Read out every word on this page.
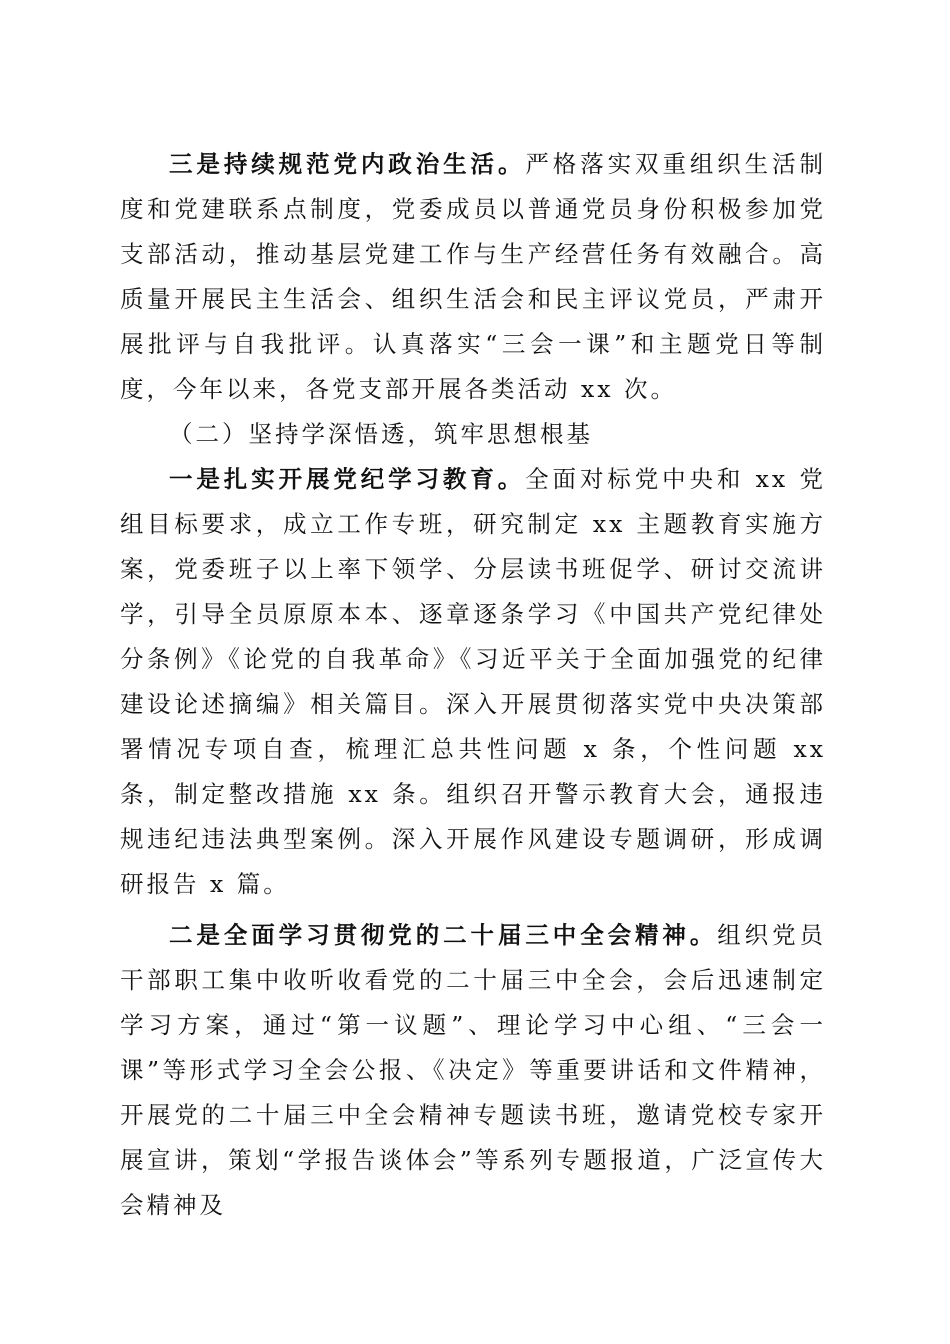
三是持续规范党内政治生活。严格落实双重组织生活制度和党建联系点制度，党委成员以普通党员身份积极参加党支部活动，推动基层党建工作与生产经营任务有效融合。高质量开展民主生活会、组织生活会和民主评议党员，严肃开展批评与自我批评。认真落实“三会一课”和主题党日等制度，今年以来，各党支部开展各类活动 xx 次。

（二）坚持学深悟透，筑牢思想根基

一是扎实开展党纪学习教育。全面对标党中央和 xx 党组目标要求，成立工作专班，研究制定 xx 主题教育实施方案，党委班子以上率下领学、分层读书班促学、研讨交流讲学，引导全员原原本本、逐章逐条学习《中国共产党纪律处分条例》《论党的自我革命》《习近平关于全面加强党的纪律建设论述摘编》相关篇目。深入开展贯彻落实党中央决策部署情况专项自查，梳理汇总共性问题 x 条，个性问题 xx 条，制定整改措施 xx 条。组织召开警示教育大会，通报违规违纪违法典型案例。深入开展作风建设专题调研，形成调研报告 x 篇。

二是全面学习贯彻党的二十届三中全会精神。组织党员干部职工集中收听收看党的二十届三中全会，会后迅速制定学习方案，通过“第一议题”、理论学习中心组、“三会一课”等形式学习全会公报、《决定》等重要讲话和文件精神，开展党的二十届三中全会精神专题读书班，邀请党校专家开展宣讲，策划“学报告谈体会”等系列专题报道，广泛宣传大会精神及
